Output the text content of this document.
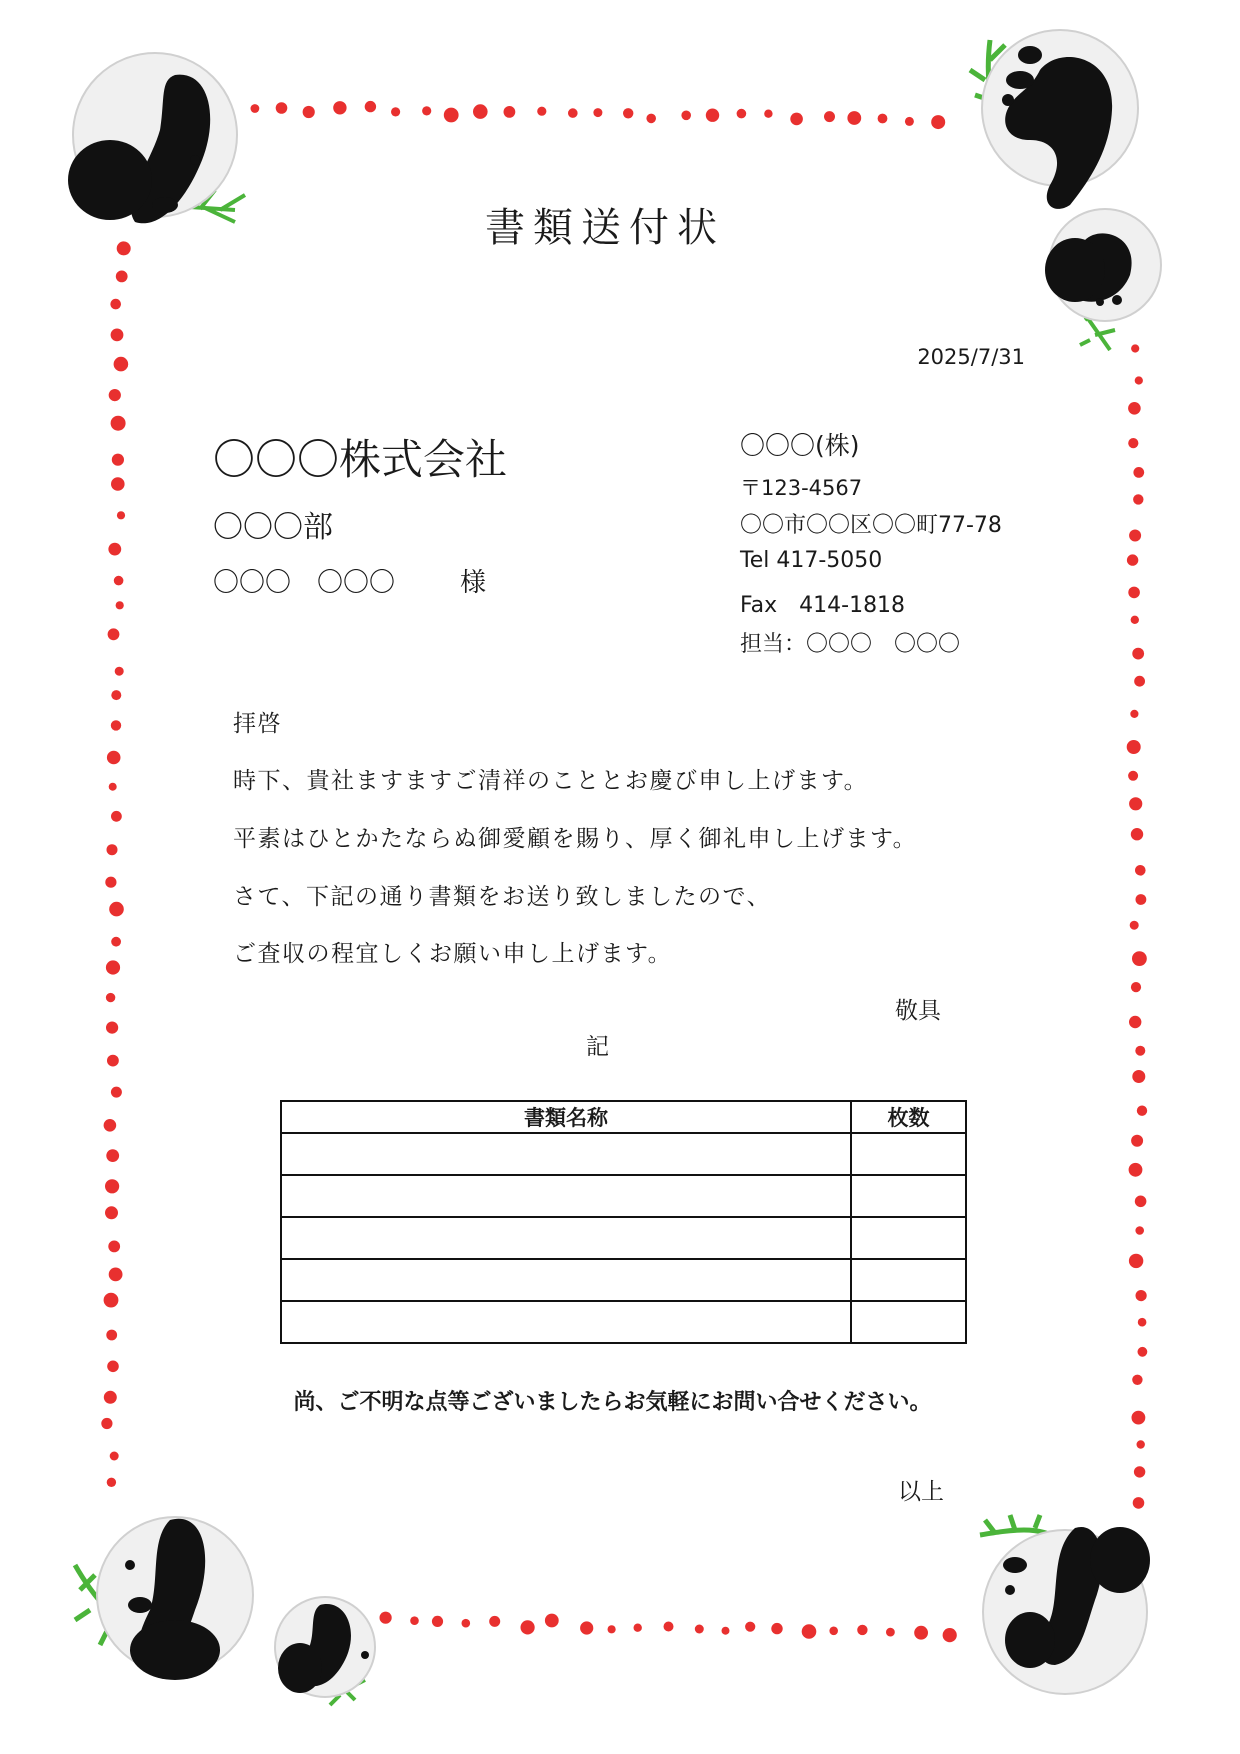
書類送付状
2025/7/31
〇〇〇株式会社
〇〇〇部
〇〇〇　〇〇〇 様
〇〇〇(株)
〒123-4567
〇〇市〇〇区〇〇町77-78
Tel 417-5050
Fax　414-1818
担当：〇〇〇　〇〇〇
拝啓
時下、貴社ますますご清祥のこととお慶び申し上げます。
平素はひとかたならぬ御愛顧を賜り、厚く御礼申し上げます。
さて、下記の通り書類をお送り致しましたので、
ご査収の程宜しくお願い申し上げます。
敬具
記
書類名称	枚数

尚、ご不明な点等ございましたらお気軽にお問い合せください。
以上
